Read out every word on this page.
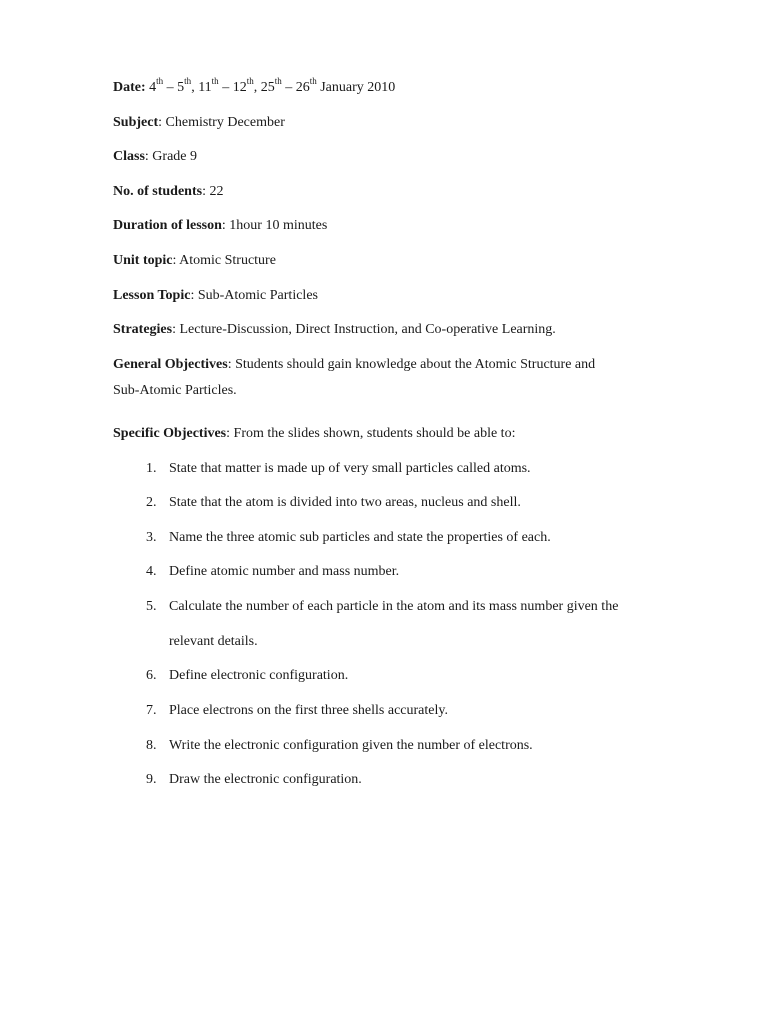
Date: 4th – 5th, 11th – 12th, 25th – 26th January 2010
Subject: Chemistry December
Class: Grade 9
No. of students: 22
Duration of lesson: 1hour 10 minutes
Unit topic: Atomic Structure
Lesson Topic: Sub-Atomic Particles
Strategies: Lecture-Discussion, Direct Instruction, and Co-operative Learning.
General Objectives: Students should gain knowledge about the Atomic Structure and
Sub-Atomic Particles.
Specific Objectives: From the slides shown, students should be able to:
1. State that matter is made up of very small particles called atoms.
2. State that the atom is divided into two areas, nucleus and shell.
3. Name the three atomic sub particles and state the properties of each.
4. Define atomic number and mass number.
5. Calculate the number of each particle in the atom and its mass number given the
relevant details.
6. Define electronic configuration.
7. Place electrons on the first three shells accurately.
8. Write the electronic configuration given the number of electrons.
9. Draw the electronic configuration.
